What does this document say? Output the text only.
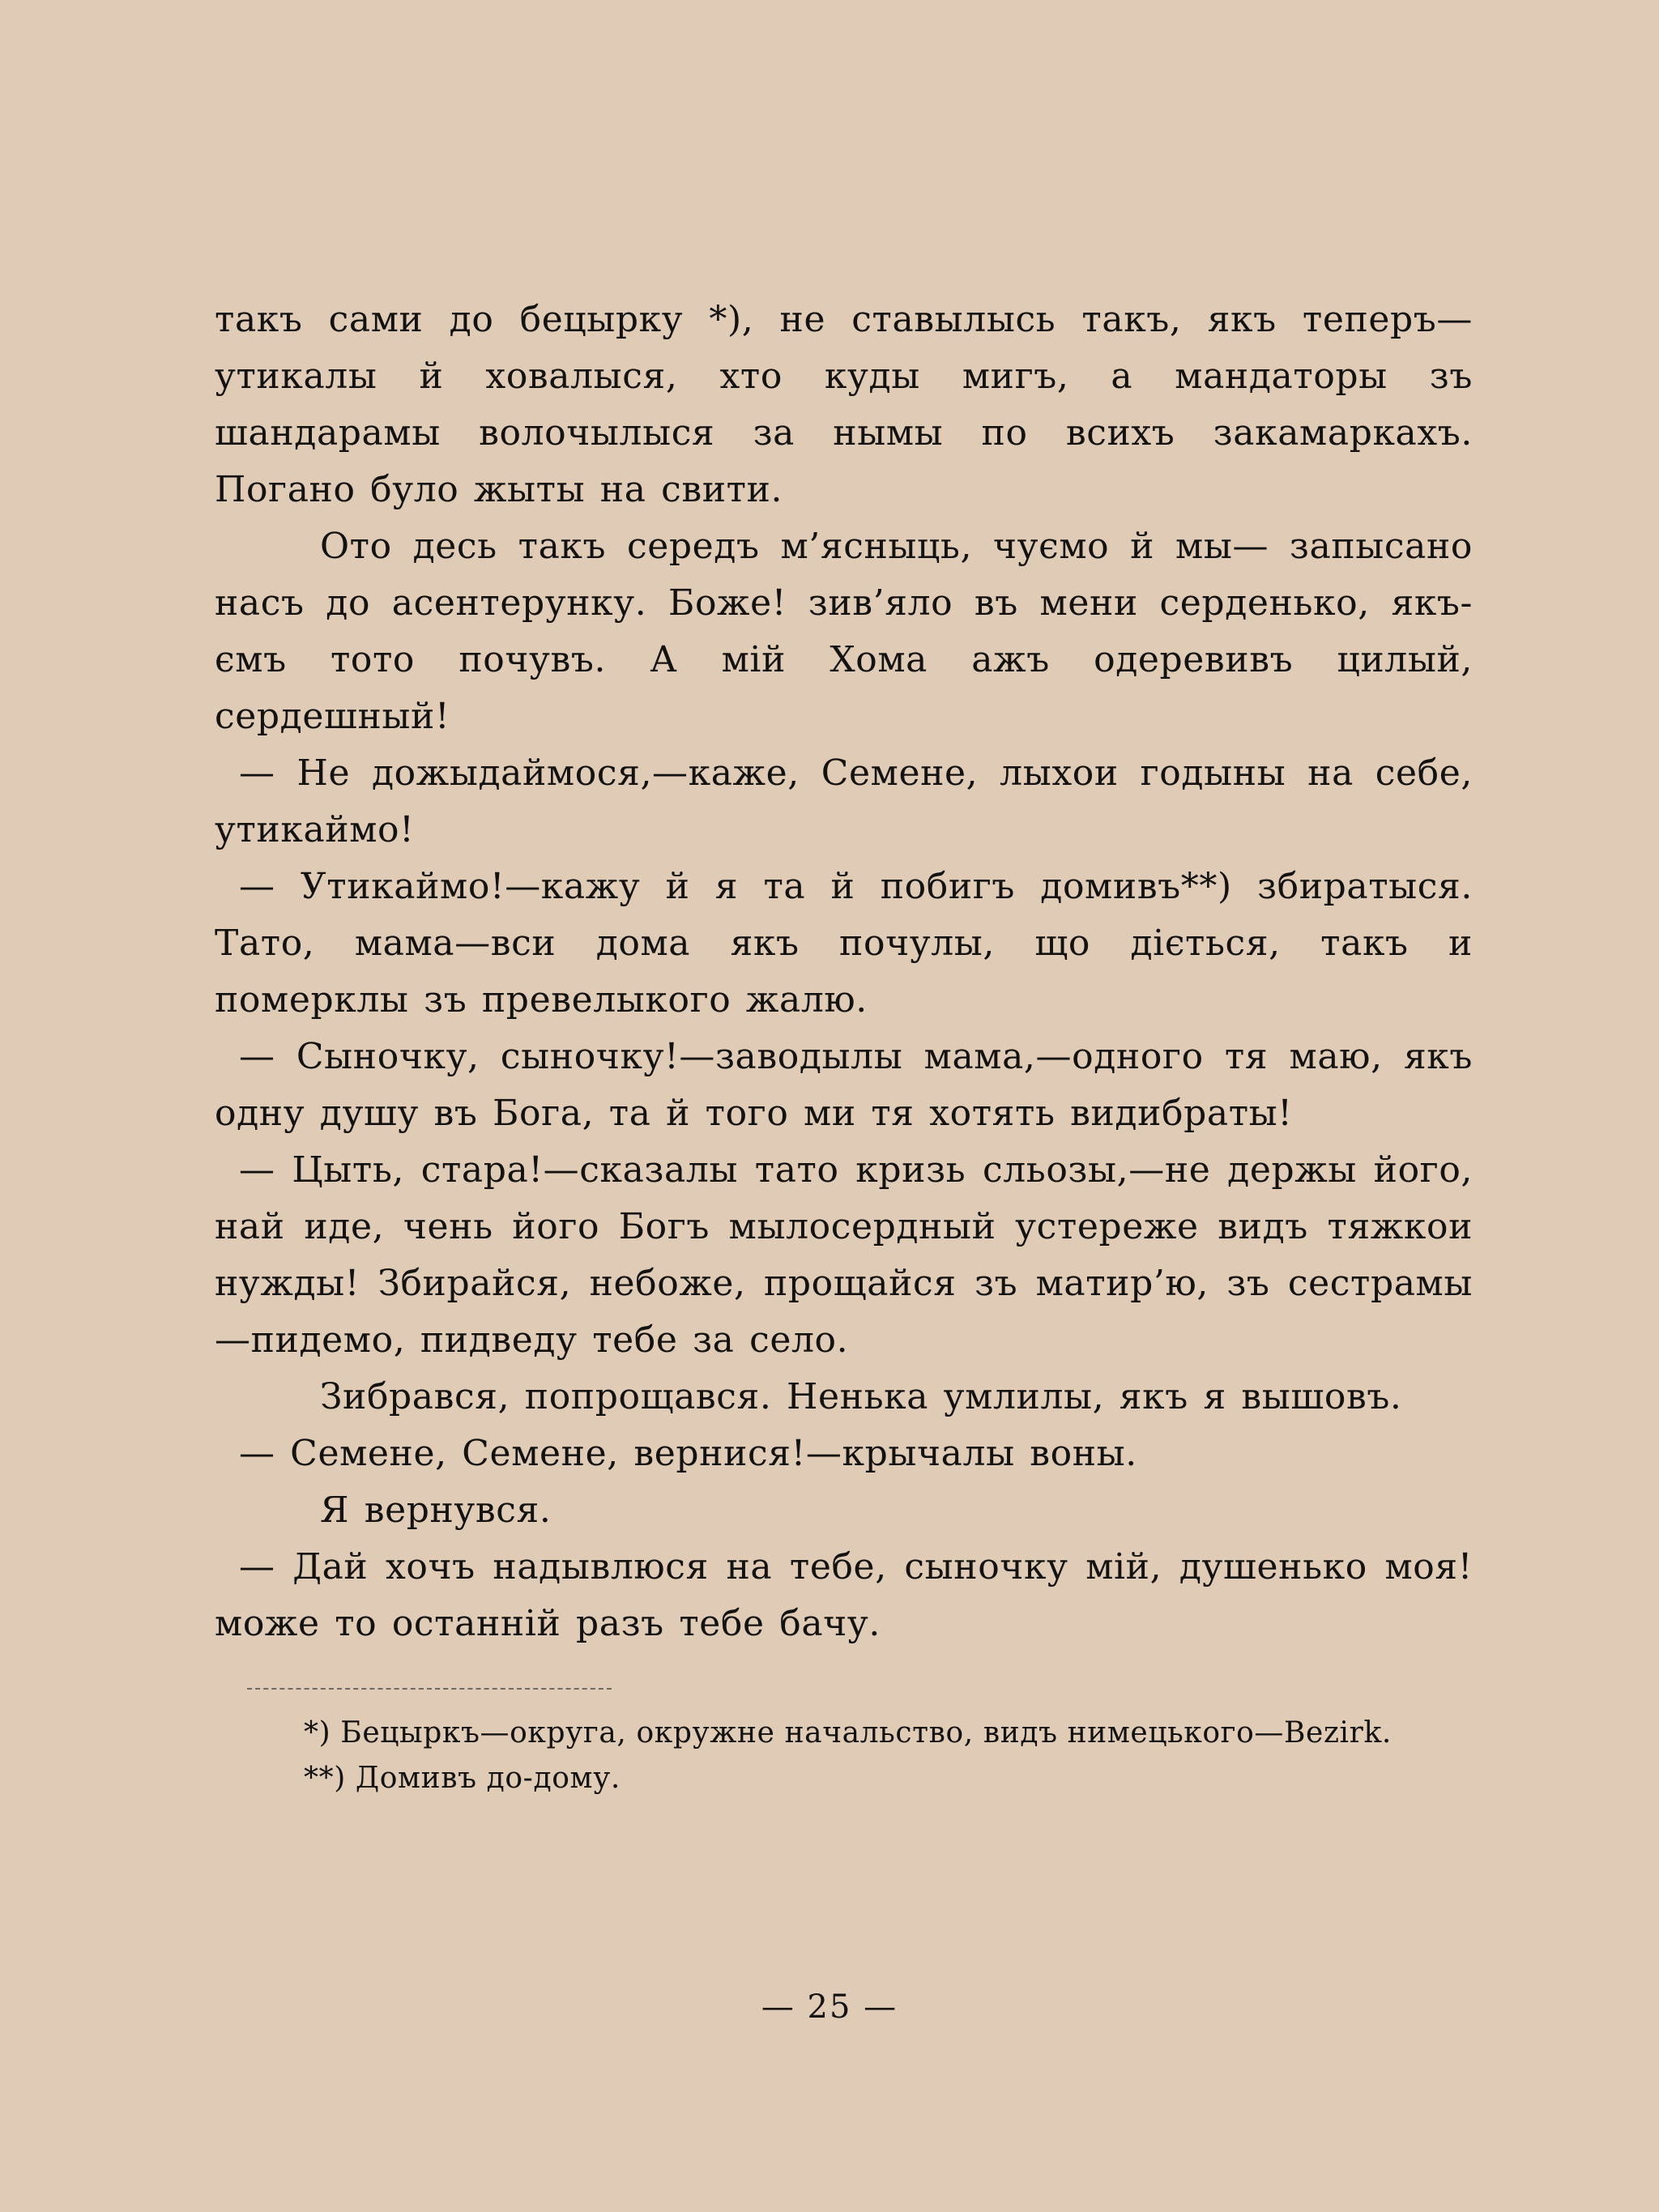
такъ сами до бецырку *), не ставылысь такъ, якъ теперъ— утикалы й ховалыся, хто куды мигъ, а мандаторы зъ шандарамы волочылыся за нымы по всихъ закамаркахъ. Погано було жыты на свити.

Ото десь такъ середъ м’ясныць, чуємо й мы— запысано насъ до асентерунку. Боже! зив’яло въ мени серденько, якъ-ємъ тото почувъ. А мій Хома ажъ одеревивъ цилый, сердешный!

— Не дожыдаймося,—каже, Семене, лыхои годыны на себе, утикаймо!

— Утикаймо!—кажу й я та й побигъ домивъ**) збиратыся. Тато, мама—вси дома якъ почулы, що діється, такъ и померклы зъ превелыкого жалю.

— Сыночку, сыночку!—заводылы мама,—одного тя маю, якъ одну душу въ Бога, та й того ми тя хотять видибраты!

— Цыть, стара!—сказалы тато кризь сльозы,—не держы його, най иде, чень його Богъ мылосердный устереже видъ тяжкои нужды! Збирайся, небоже, прощайся зъ матир’ю, зъ сестрамы—пидемо, пидведу тебе за село.

Зибрався, попрощався. Ненька умлилы, якъ я вышовъ.

— Семене, Семене, вернися!—крычалы воны.

Я вернувся.

— Дай хочъ надывлюся на тебе, сыночку мій, душенько моя! може то останній разъ тебе бачу.

*) Бецыркъ—округа, окружне начальство, видъ нимецького—Bezirk.

**) Домивъ до-дому.

— 25 —
